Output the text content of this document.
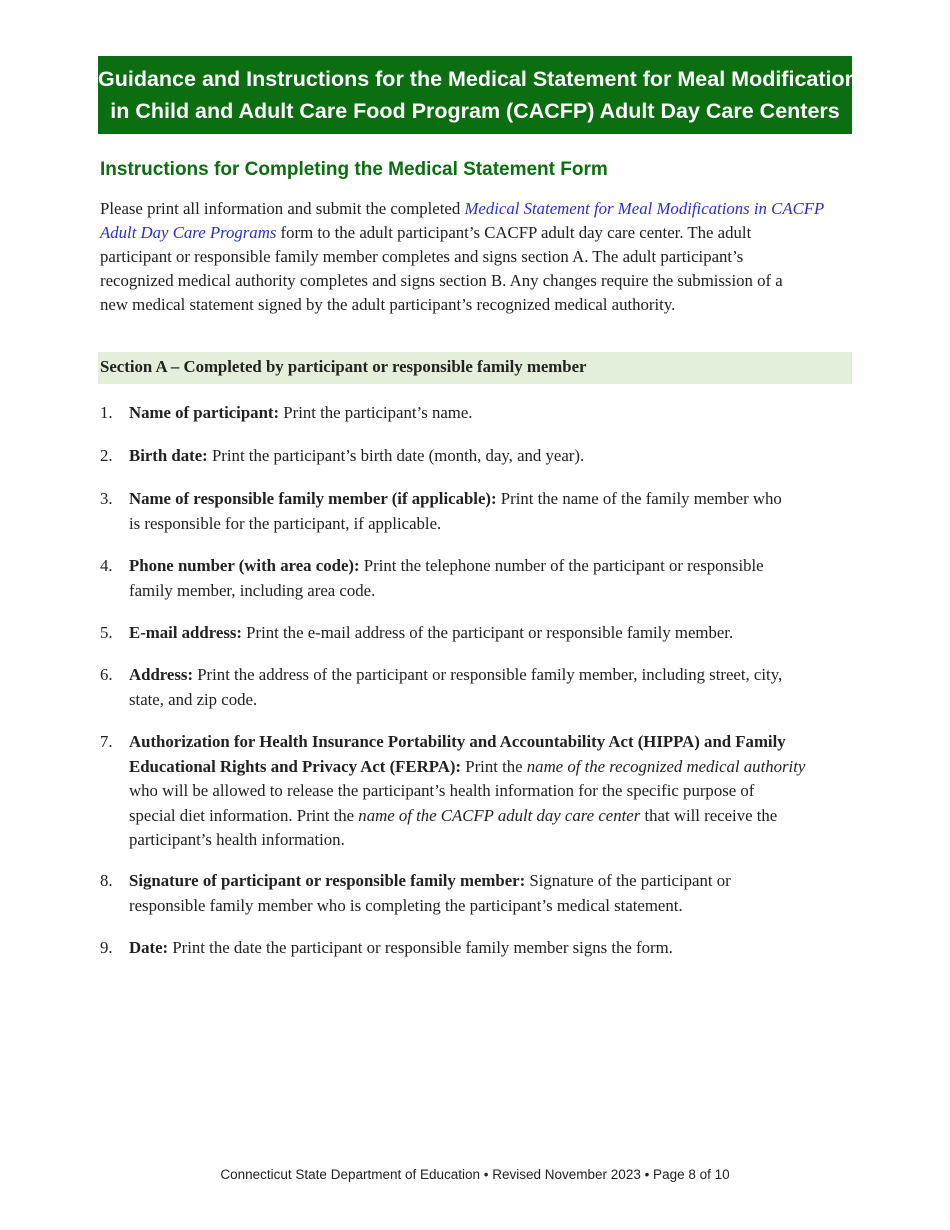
Guidance and Instructions for the Medical Statement for Meal Modifications
in Child and Adult Care Food Program (CACFP) Adult Day Care Centers
Instructions for Completing the Medical Statement Form

Please print all information and submit the completed Medical Statement for Meal Modifications in CACFP
Adult Day Care Programs form to the adult participant’s CACFP adult day care center. The adult
participant or responsible family member completes and signs section A. The adult participant’s
recognized medical authority completes and signs section B. Any changes require the submission of a
new medical statement signed by the adult participant’s recognized medical authority.

Section A – Completed by participant or responsible family member
1. Name of participant: Print the participant’s name.
2. Birth date: Print the participant’s birth date (month, day, and year).
3. Name of responsible family member (if applicable): Print the name of the family member who
is responsible for the participant, if applicable.
4. Phone number (with area code): Print the telephone number of the participant or responsible
family member, including area code.
5. E-mail address: Print the e-mail address of the participant or responsible family member.
6. Address: Print the address of the participant or responsible family member, including street, city,
state, and zip code.
7. Authorization for Health Insurance Portability and Accountability Act (HIPPA) and Family
Educational Rights and Privacy Act (FERPA): Print the name of the recognized medical authority
who will be allowed to release the participant’s health information for the specific purpose of
special diet information. Print the name of the CACFP adult day care center that will receive the
participant’s health information.
8. Signature of participant or responsible family member: Signature of the participant or
responsible family member who is completing the participant’s medical statement.
9. Date: Print the date the participant or responsible family member signs the form.
Connecticut State Department of Education • Revised November 2023 • Page 8 of 10
